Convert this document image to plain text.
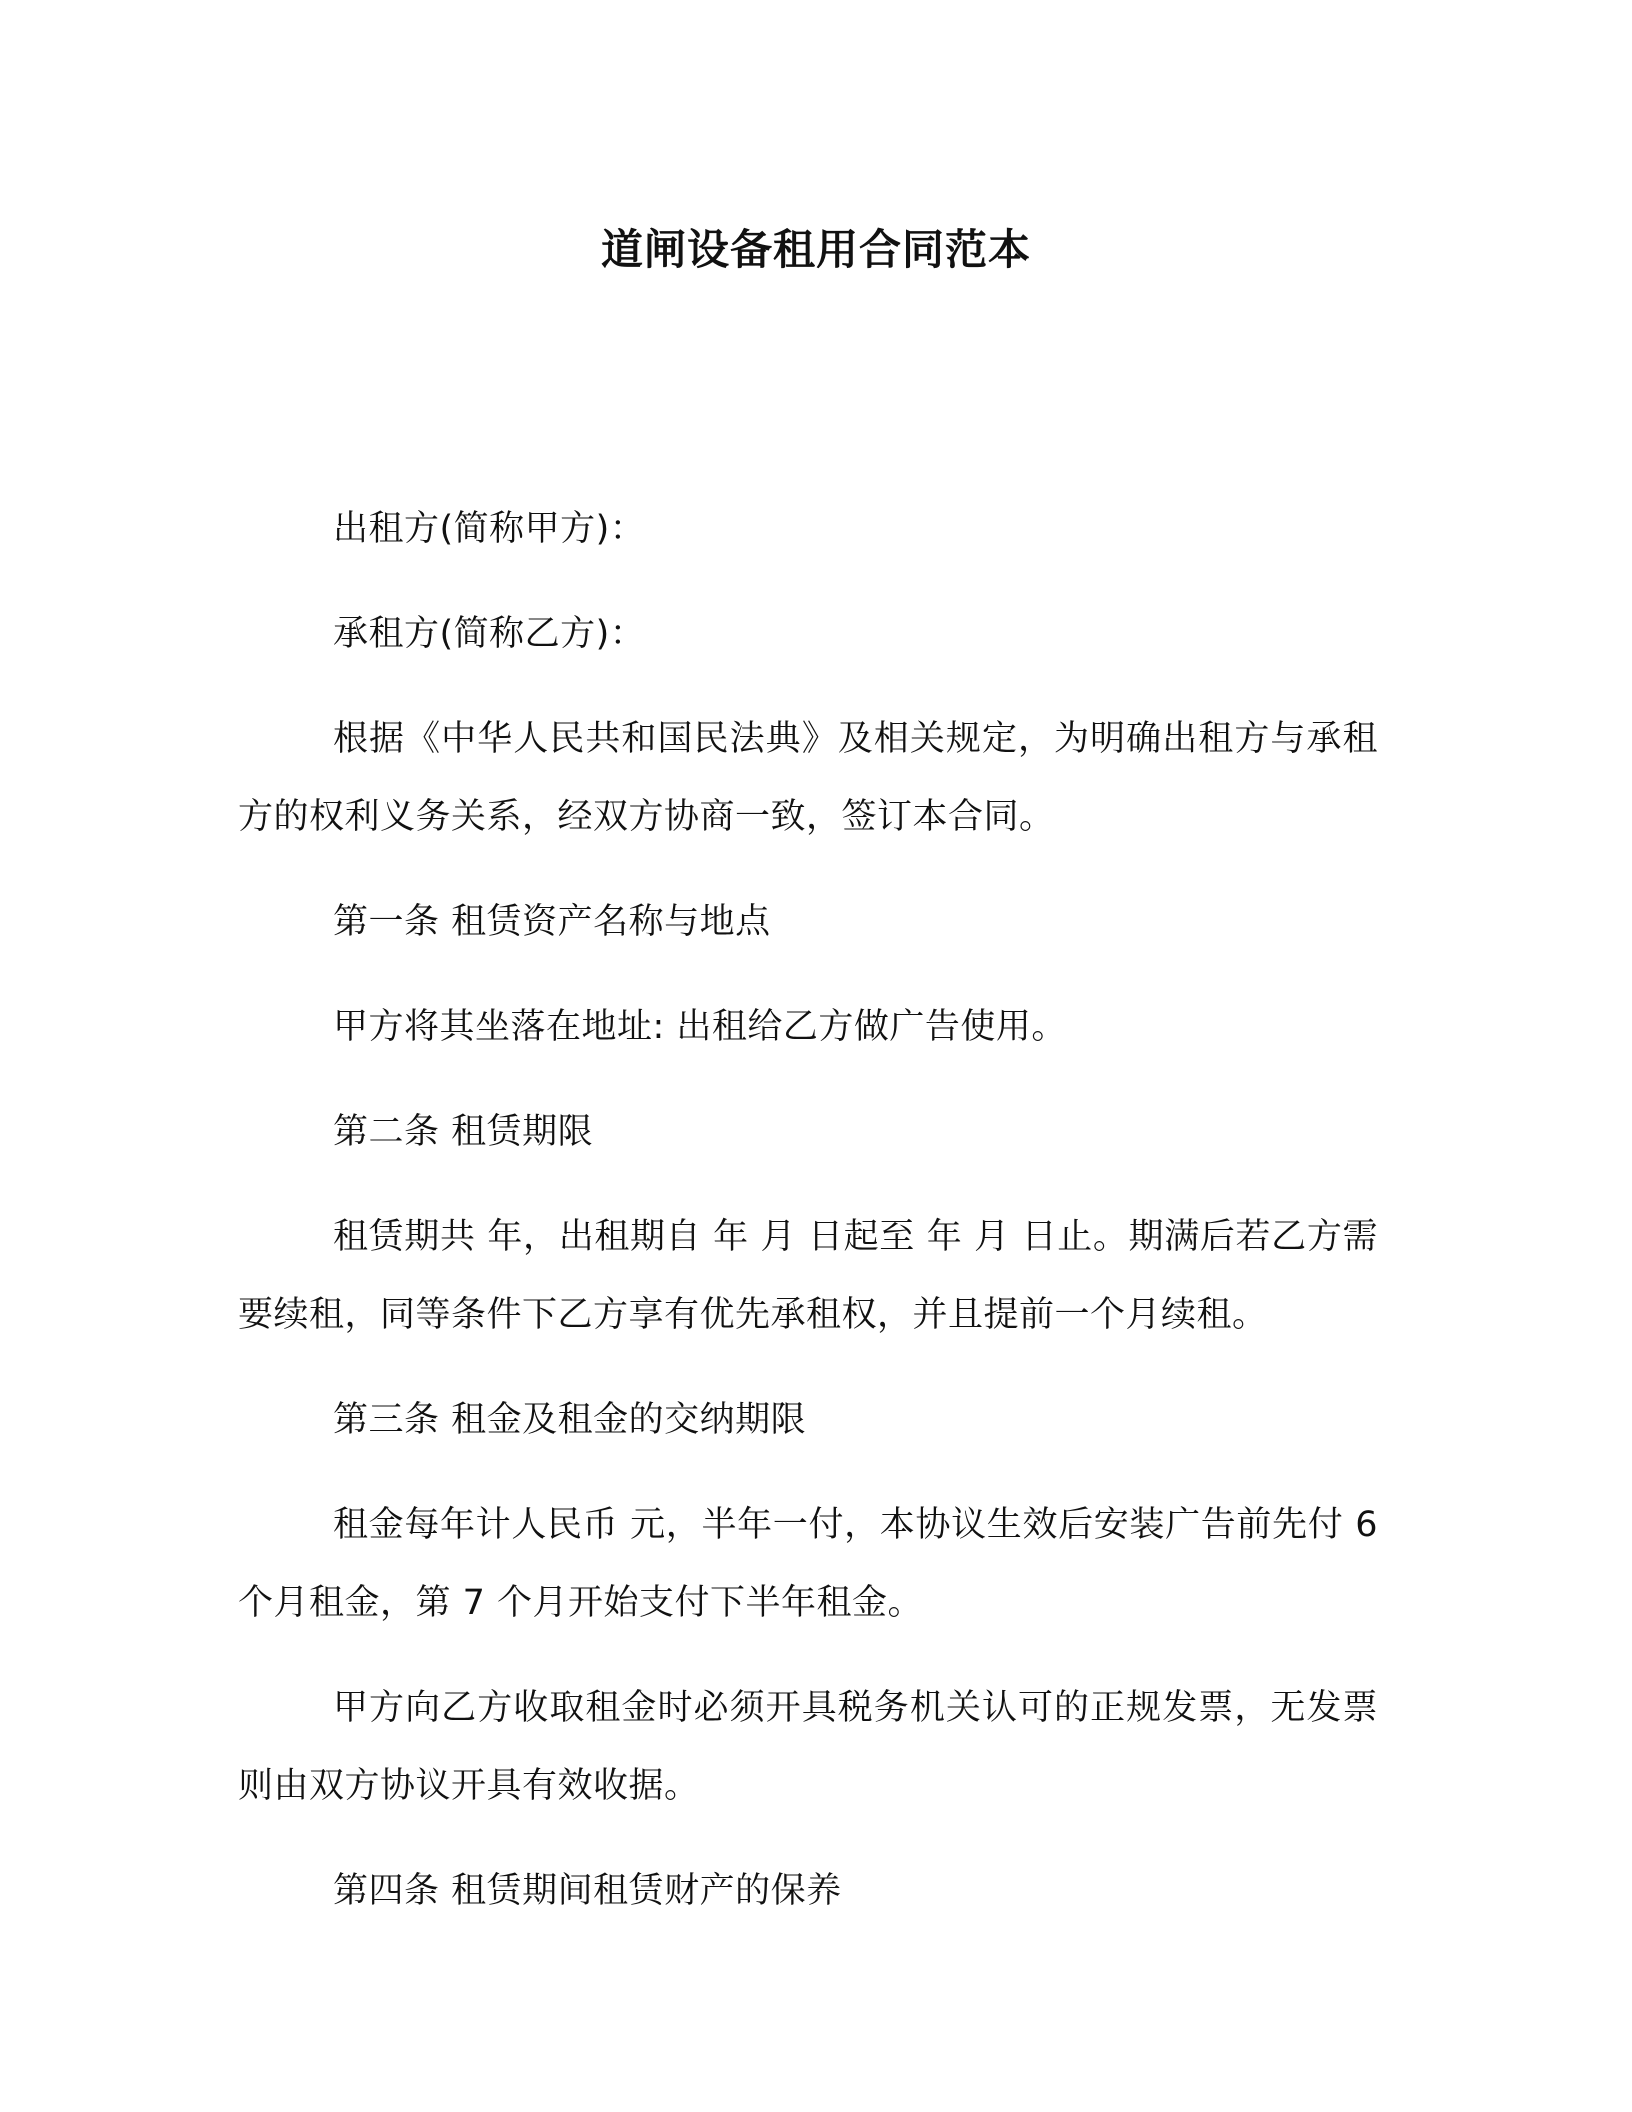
道闸设备租用合同范本

出租方(简称甲方)：

承租方(简称乙方)：

根据《中华人民共和国民法典》及相关规定，为明确出租方与承租方的权利义务关系，经双方协商一致，签订本合同。

第一条 租赁资产名称与地点

甲方将其坐落在地址: 出租给乙方做广告使用。

第二条 租赁期限

租赁期共 年，出租期自 年 月 日起至 年 月 日止。期满后若乙方需要续租，同等条件下乙方享有优先承租权，并且提前一个月续租。

第三条 租金及租金的交纳期限

租金每年计人民币 元，半年一付，本协议生效后安装广告前先付 6 个月租金，第 7 个月开始支付下半年租金。

甲方向乙方收取租金时必须开具税务机关认可的正规发票，无发票则由双方协议开具有效收据。

第四条 租赁期间租赁财产的保养
